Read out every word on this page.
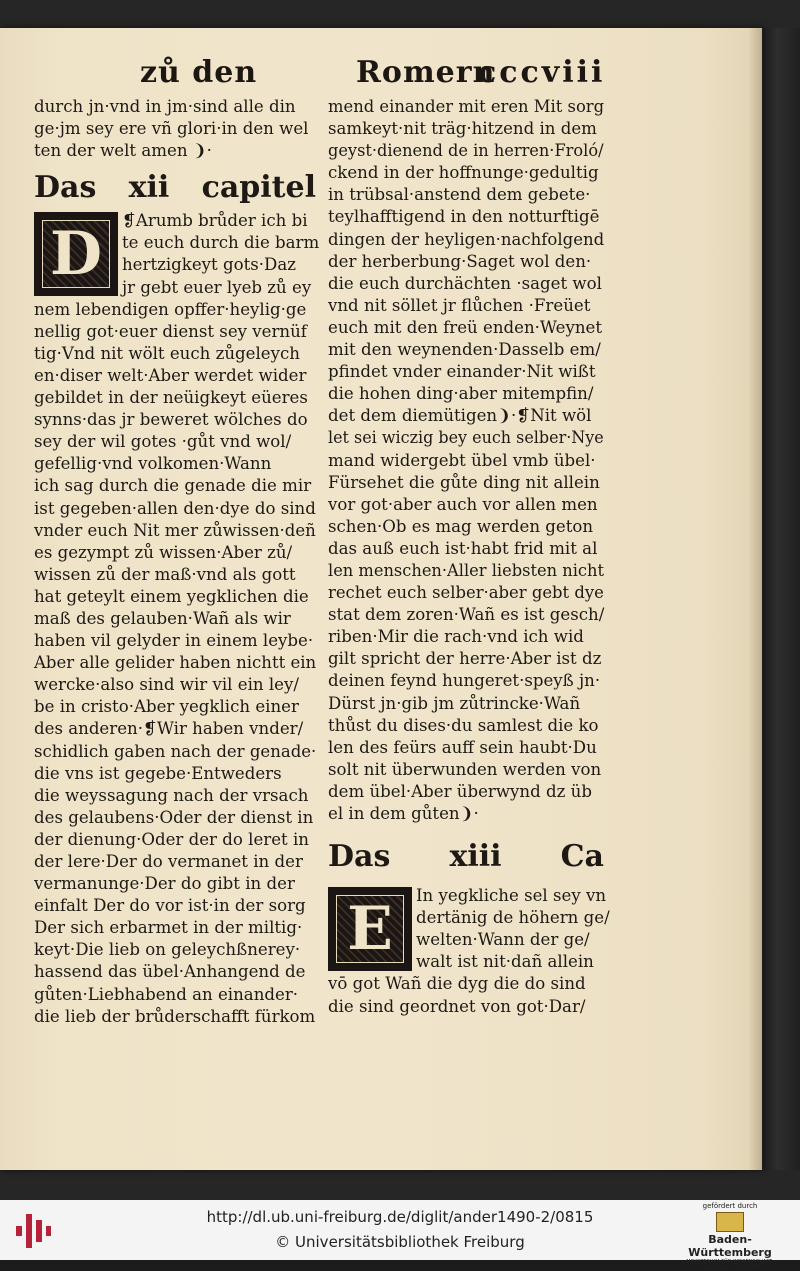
zů den	Romern
cccviii
durch jn·vnd in jm·sind alle din
ge·jm sey ere vñ glori·in den wel
ten der welt amen ❩·
Das xii capitel
D	❡Arumb brůder ich bi
te euch durch die barm
hertzigkeyt gots·Daz
jr gebt euer lyeb zů ey
nem lebendigen opffer·heylig·ge
nellig got·euer dienst sey vernüf
tig·Vnd nit wölt euch zůgeleych
en·diser welt·Aber werdet wider
gebildet in der neüigkeyt eüeres
synns·das jr beweret wölches do
sey der wil gotes ·gůt vnd wol/
gefellig·vnd volkomen·Wann
ich sag durch die genade die mir
ist gegeben·allen den·dye do sind
vnder euch Nit mer zůwissen·deñ
es gezympt zů wissen·Aber zů/
wissen zů der maß·vnd als gott
hat geteylt einem yegklichen die
maß des gelauben·Wañ als wir
haben vil gelyder in einem leybe·
Aber alle gelider haben nichtt ein
wercke·also sind wir vil ein ley/
be in cristo·Aber yegklich einer
des anderen·❡Wir haben vnder/
schidlich gaben nach der genade·
die vns ist gegebe·Entweders
die weyssagung nach der vrsach
des gelaubens·Oder der dienst in
der dienung·Oder der do leret in
der lere·Der do vermanet in der
vermanunge·Der do gibt in der
einfalt Der do vor ist·in der sorg
Der sich erbarmet in der miltig·
keyt·Die lieb on geleychßnerey·
hassend das übel·Anhangend de
gůten·Liebhabend an einander·
die lieb der brůderschafft fürkom
mend einander mit eren Mit sorg
samkeyt·nit träg·hitzend in dem
geyst·dienend de in herren·Froló/
ckend in der hoffnunge·gedultig
in trübsal·anstend dem gebete·
teylhafftigend in den notturftigē
dingen der heyligen·nachfolgend
der herberbung·Saget wol den·
die euch durchächten ·saget wol
vnd nit söllet jr flůchen ·Freüet
euch mit den freü enden·Weynet
mit den weynenden·Dasselb em/
pfindet vnder einander·Nit wißt
die hohen ding·aber mitempfin/
det dem diemütigen❩·❡Nit wöl
let sei wiczig bey euch selber·Nye
mand widergebt übel vmb übel·
Fürsehet die gůte ding nit allein
vor got·aber auch vor allen men
schen·Ob es mag werden geton
das auß euch ist·habt frid mit al
len menschen·Aller liebsten nicht
rechet euch selber·aber gebt dye
stat dem zoren·Wañ es ist gesch/
riben·Mir die rach·vnd ich wid
gilt spricht der herre·Aber ist dz
deinen feynd hungeret·speyß jn·
Dürst jn·gib jm zůtrincke·Wañ
thůst du dises·du samlest die ko
len des feürs auff sein haubt·Du
solt nit überwunden werden von
dem übel·Aber überwynd dz üb
el in dem gůten❩·
Das xiii Ca
E	In yegkliche sel sey vn
dertänig de höhern ge/
welten·Wann der ge/
walt ist nit·dañ allein
vō got Wañ die dyg die do sind
die sind geordnet von got·Dar/
http://dl.ub.uni-freiburg.de/diglit/ander1490-2/0815
© Universitätsbibliothek Freiburg
gefördert durch
Baden-Württemberg
MINISTERIUM FÜR WISSENSCHAFT, FORSCHUNG UND KUNST
